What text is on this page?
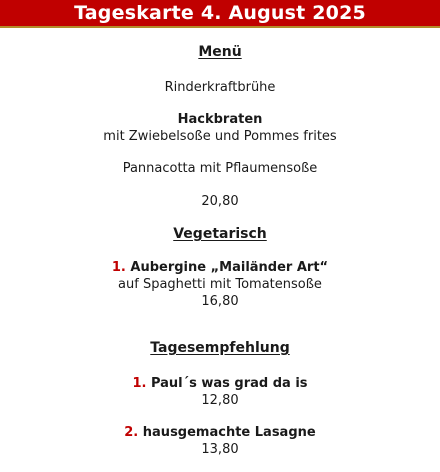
Tageskarte 4. August 2025

Menü

Rinderkraftbrühe

Hackbraten

mit Zwiebelsoße und Pommes frites

Pannacotta mit Pflaumensoße

20,80

Vegetarisch

1. Aubergine „Mailänder Art“

auf Spaghetti mit Tomatensoße

16,80

Tagesempfehlung

1. Paul´s was grad da is

12,80

2. hausgemachte Lasagne

13,80
